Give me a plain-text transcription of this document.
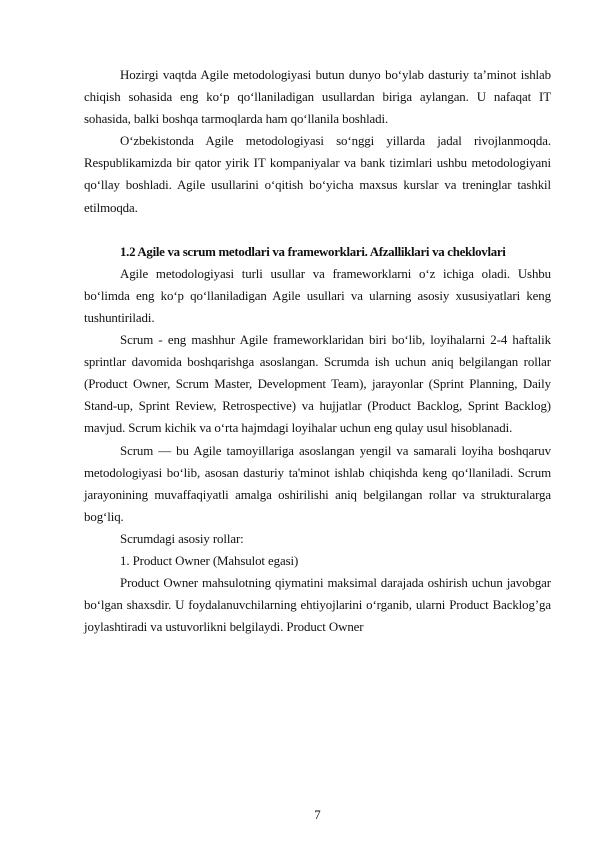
Hozirgi vaqtda Agile metodologiyasi butun dunyo bo‘ylab dasturiy ta’minot ishlab chiqish sohasida eng ko‘p qo‘llaniladigan usullardan biriga aylangan. U nafaqat IT sohasida, balki boshqa tarmoqlarda ham qo‘llanila boshladi.

O‘zbekistonda Agile metodologiyasi so‘nggi yillarda jadal rivojlanmoqda. Respublikamizda bir qator yirik IT kompaniyalar va bank tizimlari ushbu metodologiyani qo‘llay boshladi. Agile usullarini o‘qitish bo‘yicha maxsus kurslar va treninglar tashkil etilmoqda.

1.2 Agile va scrum metodlari va frameworklari. Afzalliklari va cheklovlari

Agile metodologiyasi turli usullar va frameworklarni o‘z ichiga oladi. Ushbu bo‘limda eng ko‘p qo‘llaniladigan Agile usullari va ularning asosiy xususiyatlari keng tushuntiriladi.

Scrum - eng mashhur Agile frameworklaridan biri bo‘lib, loyihalarni 2-4 haftalik sprintlar davomida boshqarishga asoslangan. Scrumda ish uchun aniq belgilangan rollar (Product Owner, Scrum Master, Development Team), jarayonlar (Sprint Planning, Daily Stand-up, Sprint Review, Retrospective) va hujjatlar (Product Backlog, Sprint Backlog) mavjud. Scrum kichik va o‘rta hajmdagi loyihalar uchun eng qulay usul hisoblanadi.

Scrum — bu Agile tamoyillariga asoslangan yengil va samarali loyiha boshqaruv metodologiyasi bo‘lib, asosan dasturiy ta'minot ishlab chiqishda keng qo‘llaniladi. Scrum jarayonining muvaffaqiyatli amalga oshirilishi aniq belgilangan rollar va strukturalarga bog‘liq.

Scrumdagi asosiy rollar:

1. Product Owner (Mahsulot egasi)

Product Owner mahsulotning qiymatini maksimal darajada oshirish uchun javobgar bo‘lgan shaxsdir. U foydalanuvchilarning ehtiyojlarini o‘rganib, ularni Product Backlog’ga joylashtiradi va ustuvorlikni belgilaydi. Product Owner

7
